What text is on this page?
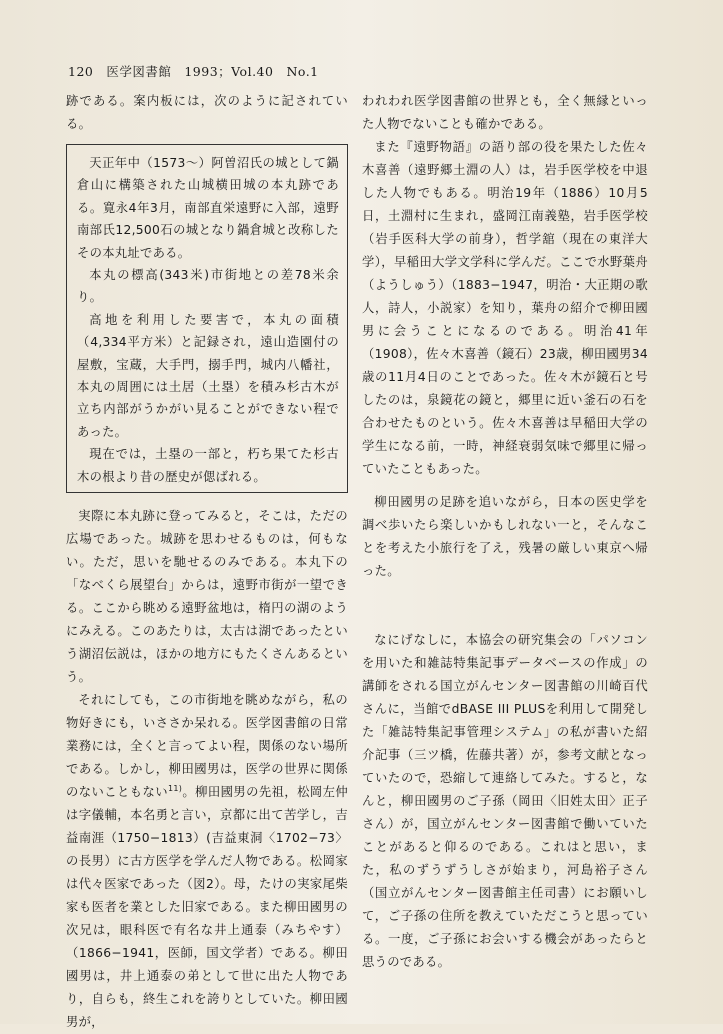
120　医学図書館　1993；Vol.40　No.1

跡である。案内板には，次のように記されている。

天正年中（1573〜）阿曽沼氏の城として鍋倉山に構築された山城横田城の本丸跡である。寛永4年3月，南部直栄遠野に入部，遠野南部氏12,500石の城となり鍋倉城と改称したその本丸址である。

本丸の標高(343米)市街地との差78米余り。

高地を利用した要害で，本丸の面積（4,334平方米）と記録され，遠山造園付の屋敷，宝蔵，大手門，搦手門，城内八幡社，本丸の周囲には土居（土塁）を積み杉古木が立ち内部がうかがい見ることができない程であった。

現在では，土塁の一部と，朽ち果てた杉古木の根より昔の歴史が偲ばれる。

実際に本丸跡に登ってみると，そこは，ただの広場であった。城跡を思わせるものは，何もない。ただ，思いを馳せるのみである。本丸下の「なべくら展望台」からは，遠野市街が一望できる。ここから眺める遠野盆地は，楕円の湖のようにみえる。このあたりは，太古は湖であったという湖沼伝説は，ほかの地方にもたくさんあるという。

それにしても，この市街地を眺めながら，私の物好きにも，いささか呆れる。医学図書館の日常業務には，全くと言ってよい程，関係のない場所である。しかし，柳田國男は，医学の世界に関係のないこともない$^{11)}$。柳田國男の先祖，松岡左仲は字儀輔，本名勇と言い，京都に出て苦学し，吉益南涯（1750−1813）(吉益東洞〈1702−73〉の長男）に古方医学を学んだ人物である。松岡家は代々医家であった（図2）。母，たけの実家尾柴家も医者を業とした旧家である。また柳田國男の次兄は，眼科医で有名な井上通泰（みちやす）（1866−1941，医師，国文学者）である。柳田國男は，井上通泰の弟として世に出た人物であり，自らも，終生これを誇りとしていた。柳田國男が，

われわれ医学図書館の世界とも，全く無縁といった人物でないことも確かである。

また『遠野物語』の語り部の役を果たした佐々木喜善（遠野郷土淵の人）は，岩手医学校を中退した人物でもある。明治19年（1886）10月5日，土淵村に生まれ，盛岡江南義塾，岩手医学校（岩手医科大学の前身），哲学舘（現在の東洋大学），早稲田大学文学科に学んだ。ここで水野葉舟（ようしゅう）（1883−1947，明治・大正期の歌人，詩人，小説家）を知り，葉舟の紹介で柳田國男に会うことになるのである。明治41年（1908），佐々木喜善（鏡石）23歳，柳田國男34歳の11月4日のことであった。佐々木が鏡石と号したのは，泉鏡花の鏡と，郷里に近い釜石の石を合わせたものという。佐々木喜善は早稲田大学の学生になる前，一時，神経衰弱気味で郷里に帰っていたこともあった。

柳田國男の足跡を追いながら，日本の医史学を調べ歩いたら楽しいかもしれない一と，そんなことを考えた小旅行を了え，残暑の厳しい東京へ帰った。

なにげなしに，本協会の研究集会の「パソコンを用いた和雑誌特集記事データベースの作成」の講師をされる国立がんセンター図書館の川崎百代さんに，当館でdBASE III PLUSを利用して開発した「雑誌特集記事管理システム」の私が書いた紹介記事（三ツ橋，佐藤共著）が，参考文献となっていたので，恐縮して連絡してみた。すると，なんと，柳田國男のご子孫（岡田〈旧姓太田〉正子さん）が，国立がんセンター図書館で働いていたことがあると仰るのである。これはと思い，また，私のずうずうしさが始まり，河島裕子さん（国立がんセンター図書館主任司書）にお願いして，ご子孫の住所を教えていただこうと思っている。一度，ご子孫にお会いする機会があったらと思うのである。
